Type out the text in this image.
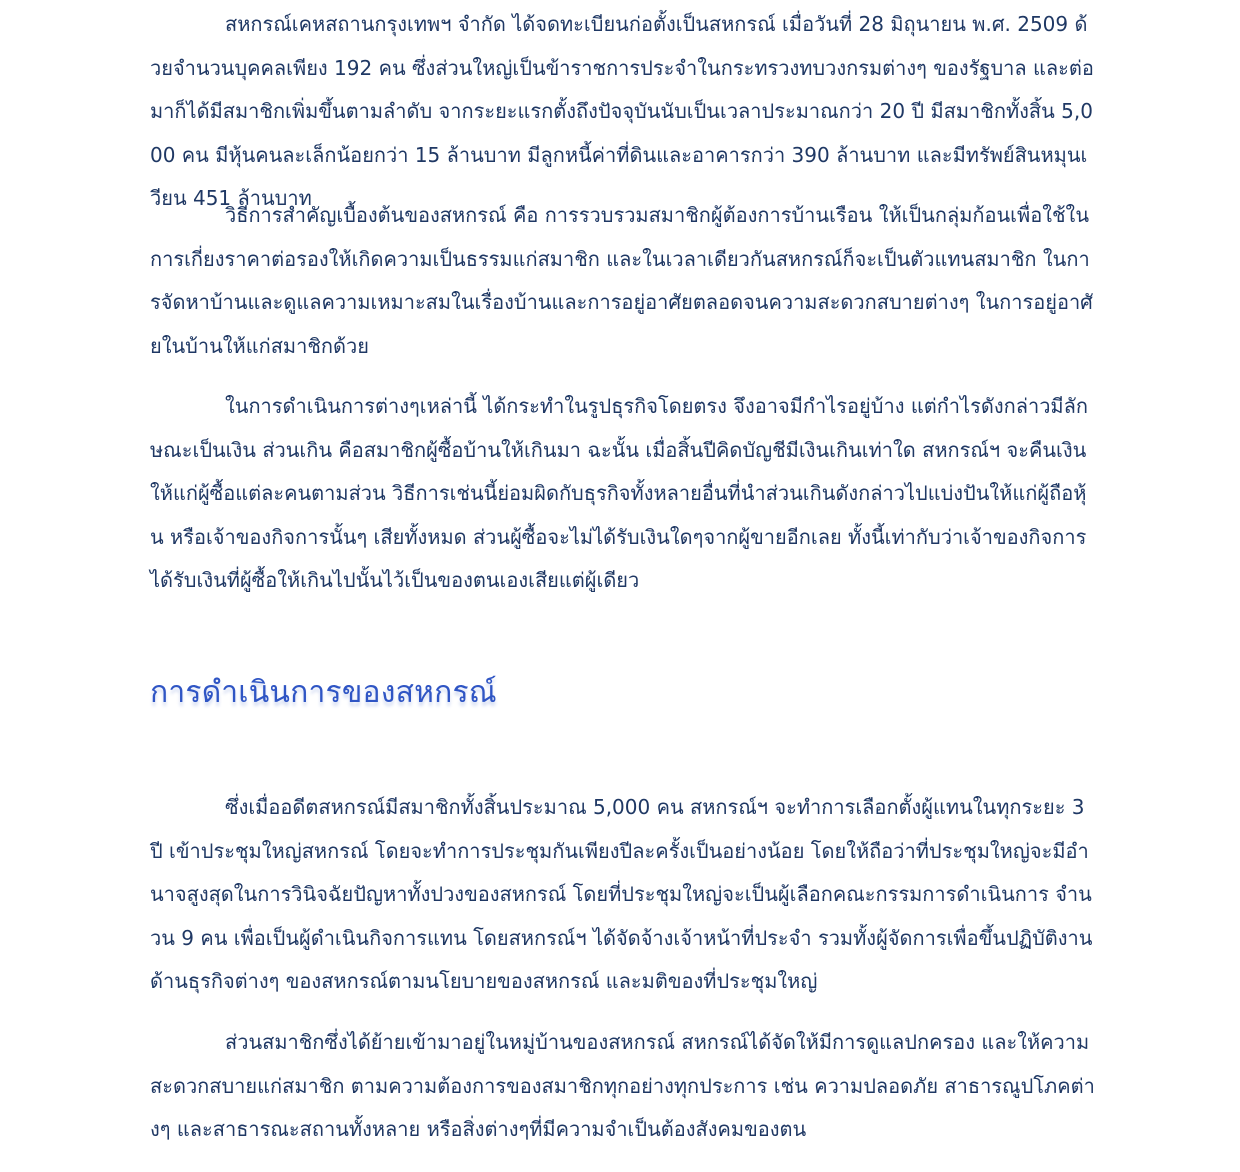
สหกรณ์เคหสถานกรุงเทพฯ จำกัด ได้จดทะเบียนก่อตั้งเป็นสหกรณ์ เมื่อวันที่ 28 มิถุนายน พ.ศ. 2509 ด้วยจำนวนบุคคลเพียง 192 คน ซึ่งส่วนใหญ่เป็นข้าราชการประจำในกระทรวงทบวงกรมต่างๆ ของรัฐบาล และต่อมาก็ได้มีสมาชิกเพิ่มขึ้นตามลำดับ จากระยะแรกตั้งถึงปัจจุบันนับเป็นเวลาประมาณกว่า 20 ปี มีสมาชิกทั้งสิ้น 5,000 คน มีหุ้นคนละเล็กน้อยกว่า 15 ล้านบาท มีลูกหนี้ค่าที่ดินและอาคารกว่า 390 ล้านบาท และมีทรัพย์สินหมุนเวียน 451 ล้านบาท

วิธีการสำคัญเบื้องต้นของสหกรณ์ คือ การรวบรวมสมาชิกผู้ต้องการบ้านเรือน ให้เป็นกลุ่มก้อนเพื่อใช้ในการเกี่ยงราคาต่อรองให้เกิดความเป็นธรรมแก่สมาชิก และในเวลาเดียวกันสหกรณ์ก็จะเป็นตัวแทนสมาชิก ในการจัดหาบ้านและดูแลความเหมาะสมในเรื่องบ้านและการอยู่อาศัยตลอดจนความสะดวกสบายต่างๆ ในการอยู่อาศัยในบ้านให้แก่สมาชิกด้วย

ในการดำเนินการต่างๆเหล่านี้ ได้กระทำในรูปธุรกิจโดยตรง จึงอาจมีกำไรอยู่บ้าง แต่กำไรดังกล่าวมีลักษณะเป็นเงิน ส่วนเกิน คือสมาชิกผู้ซื้อบ้านให้เกินมา ฉะนั้น เมื่อสิ้นปีคิดบัญชีมีเงินเกินเท่าใด สหกรณ์ฯ จะคืนเงินให้แก่ผู้ซื้อแต่ละคนตามส่วน วิธีการเช่นนี้ย่อมผิดกับธุรกิจทั้งหลายอื่นที่นำส่วนเกินดังกล่าวไปแบ่งปันให้แก่ผู้ถือหุ้น หรือเจ้าของกิจการนั้นๆ เสียทั้งหมด ส่วนผู้ซื้อจะไม่ได้รับเงินใดๆจากผู้ขายอีกเลย ทั้งนี้เท่ากับว่าเจ้าของกิจการได้รับเงินที่ผู้ซื้อให้เกินไปนั้นไว้เป็นของตนเองเสียแต่ผู้เดียว

การดำเนินการของสหกรณ์

ซึ่งเมื่ออดีตสหกรณ์มีสมาชิกทั้งสิ้นประมาณ 5,000 คน สหกรณ์ฯ จะทำการเลือกตั้งผู้แทนในทุกระยะ 3 ปี เข้าประชุมใหญ่สหกรณ์ โดยจะทำการประชุมกันเพียงปีละครั้งเป็นอย่างน้อย โดยให้ถือว่าที่ประชุมใหญ่จะมีอำนาจสูงสุดในการวินิจฉัยปัญหาทั้งปวงของสหกรณ์ โดยที่ประชุมใหญ่จะเป็นผู้เลือกคณะกรรมการดำเนินการ จำนวน 9 คน เพื่อเป็นผู้ดำเนินกิจการแทน โดยสหกรณ์ฯ ได้จัดจ้างเจ้าหน้าที่ประจำ รวมทั้งผู้จัดการเพื่อขึ้นปฏิบัติงานด้านธุรกิจต่างๆ ของสหกรณ์ตามนโยบายของสหกรณ์ และมติของที่ประชุมใหญ่

ส่วนสมาชิกซึ่งได้ย้ายเข้ามาอยู่ในหมู่บ้านของสหกรณ์ สหกรณ์ได้จัดให้มีการดูแลปกครอง และให้ความสะดวกสบายแก่สมาชิก ตามความต้องการของสมาชิกทุกอย่างทุกประการ เช่น ความปลอดภัย สาธารณูปโภคต่างๆ และสาธารณะสถานทั้งหลาย หรือสิ่งต่างๆที่มีความจำเป็นต้องสังคมของตน
